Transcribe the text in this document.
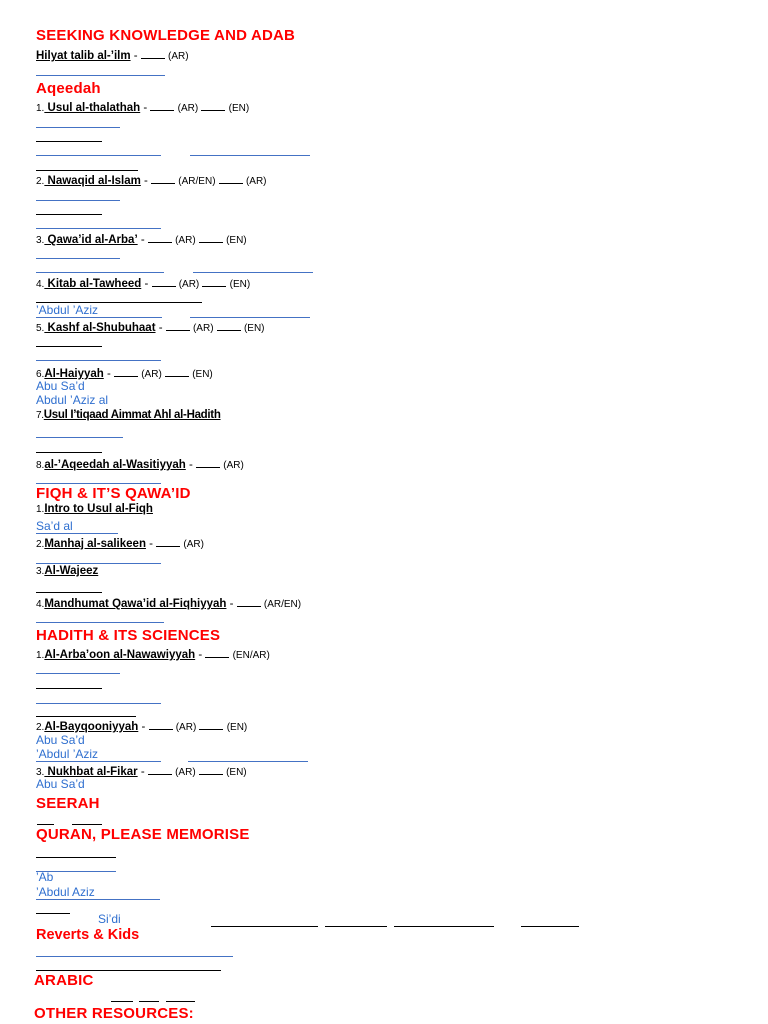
SEEKING KNOWLEDGE AND ADAB
Aqeedah
FIQH & IT’S QAWA’ID
HADITH & ITS SCIENCES
SEERAH
QURAN, PLEASE MEMORISE
Reverts & Kids
ARABIC
OTHER RESOURCES:
Hilyat talib al-’ilm -	(AR)
1. Usul al-thalathah -	(AR)	(EN)
2. Nawaqid al-Islam -	(AR/EN)	(AR)
3. Qawa’id al-Arba’ -	(AR)	(EN)
4. Kitab al-Tawheed -	(AR)	(EN)
’Abdul ’Aziz
5. Kashf al-Shubuhaat -	(AR)	(EN)
6.Al-Haiyyah -	(AR)	(EN)
Abu Sa’d
Abdul ’Aziz al
7.Usul I’tiqaad Aimmat Ahl al-Hadith
8.al-’Aqeedah al-Wasitiyyah -	(AR)
1.Intro to Usul al-Fiqh
Sa’d al
2.Manhaj al-salikeen -	(AR)
3.Al-Wajeez
4.Mandhumat Qawa’id al-Fiqhiyyah -	(AR/EN)
1.Al-Arba’oon al-Nawawiyyah -	(EN/AR)
2.Al-Bayqooniyyah -	(AR)	(EN)
Abu Sa’d
’Abdul ’Aziz
3. Nukhbat al-Fikar -	(AR)	(EN)
Abu Sa’d
’Ab
’Abdul Aziz
Si’di
